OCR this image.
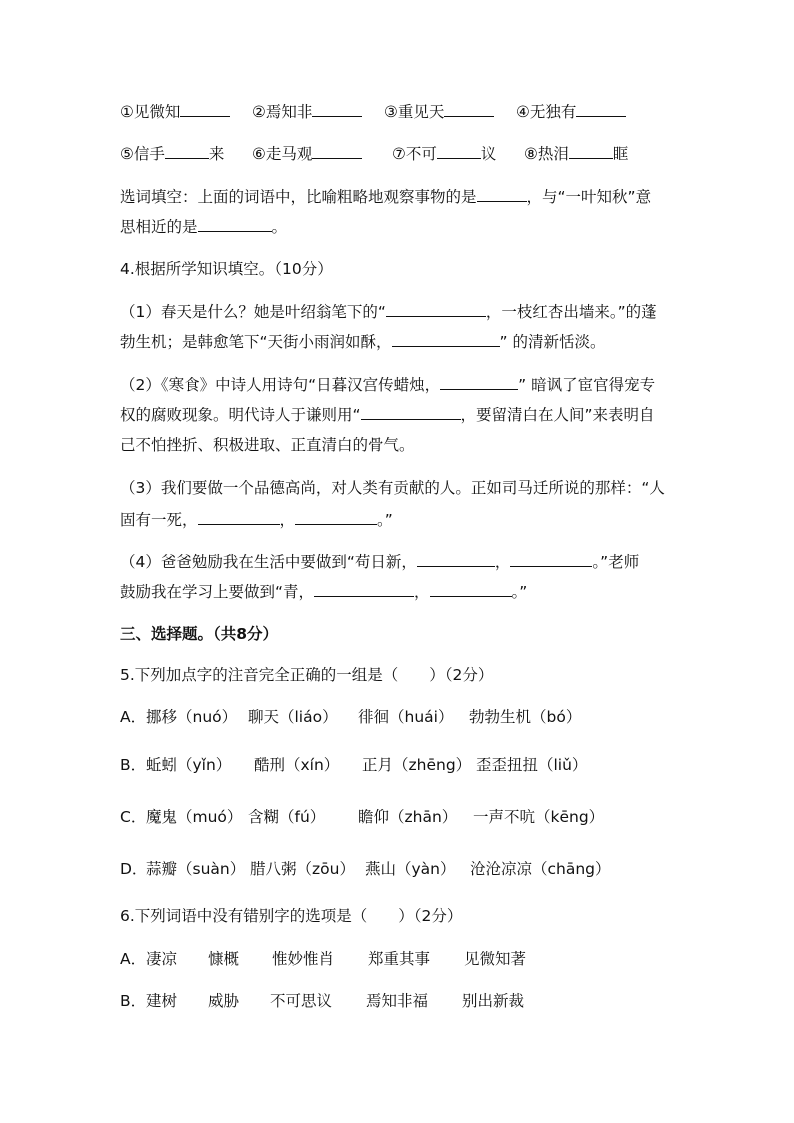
①见微知	②焉知非	③重见天	④无独有
⑤信手	来 ⑥走马观	⑦不可	议 ⑧热泪	眶
选词填空：上面的词语中，比喻粗略地观察事物的是	，与“一叶知秋”意
思相近的是	。
4.根据所学知识填空。（10分）
（1）春天是什么？她是叶绍翁笔下的“	，一枝红杏出墙来。”的蓬
勃生机；是韩愈笔下“天街小雨润如酥，	” 的清新恬淡。
（2）《寒食》中诗人用诗句“日暮汉宫传蜡烛，	” 暗讽了宦官得宠专
权的腐败现象。明代诗人于谦则用“	，要留清白在人间”来表明自
己不怕挫折、积极进取、正直清白的骨气。
（3）我们要做一个品德高尚，对人类有贡献的人。正如司马迁所说的那样：“人
固有一死，	，	。”
（4）爸爸勉励我在生活中要做到“苟日新，	，	。”老师
鼓励我在学习上要做到“青，	，	。”
三、选择题。（共8分）
5.下列加点字的注音完全正确的一组是（　　）（2分）
A． 挪移（nuó） 聊天（liáo） 徘徊（huái） 勃勃生机（bó）
B． 蚯蚓（yǐn） 酷刑（xín） 正月（zhēng） 歪歪扭扭（liǔ）
C． 魔鬼（muó） 含糊（fú） 瞻仰（zhān） 一声不吭（kēng）
D．
蒜瓣（suàn） 腊八粥（zōu） 燕山（yàn） 沧沧凉凉（chāng）
6.下列词语中没有错别字的选项是（　　）（2分）
A． 凄凉 慷概 惟妙惟肖 郑重其事 见微知著
B． 建树 威胁 不可思议 焉知非福 别出新裁
